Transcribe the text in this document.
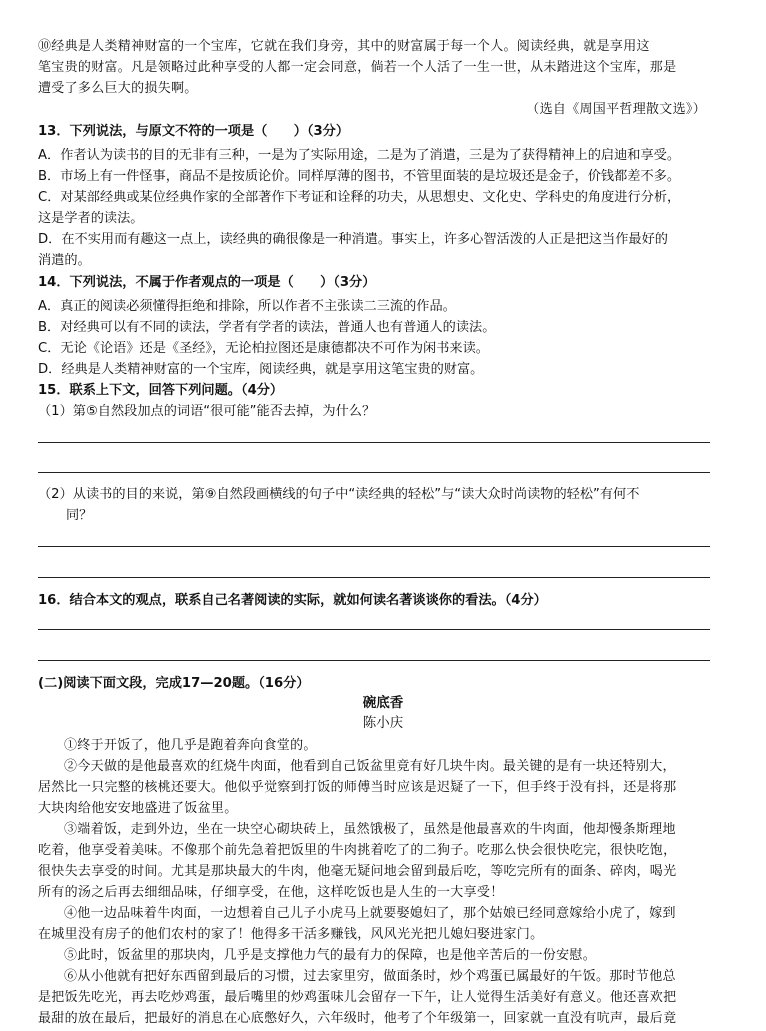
⑩经典是人类精神财富的一个宝库，它就在我们身旁，其中的财富属于每一个人。阅读经典，就是享用这
笔宝贵的财富。凡是领略过此种享受的人都一定会同意，倘若一个人活了一生一世，从未踏进这个宝库，那是
遭受了多么巨大的损失啊。
（选自《周国平哲理散文选》）
13．下列说法，与原文不符的一项是（　　）（3分）
A．作者认为读书的目的无非有三种，一是为了实际用途，二是为了消遣，三是为了获得精神上的启迪和享受。
B．市场上有一件怪事，商品不是按质论价。同样厚薄的图书，不管里面装的是垃圾还是金子，价钱都差不多。
C．对某部经典或某位经典作家的全部著作下考证和诠释的功夫，从思想史、文化史、学科史的角度进行分析，
这是学者的读法。
D．在不实用而有趣这一点上，读经典的确很像是一种消遣。事实上，许多心智活泼的人正是把这当作最好的
消遣的。
14．下列说法，不属于作者观点的一项是（　　）（3分）
A．真正的阅读必须懂得拒绝和排除，所以作者不主张读二三流的作品。
B．对经典可以有不同的读法，学者有学者的读法，普通人也有普通人的读法。
C．无论《论语》还是《圣经》，无论柏拉图还是康德都决不可作为闲书来读。
D．经典是人类精神财富的一个宝库，阅读经典，就是享用这笔宝贵的财富。
15．联系上下文，回答下列问题。（4分）
（1）第⑤自然段加点的词语“很可能”能否去掉，为什么？
（2）从读书的目的来说，第⑨自然段画横线的句子中“读经典的轻松”与“读大众时尚读物的轻松”有何不
同？
16．结合本文的观点，联系自己名著阅读的实际，就如何读名著谈谈你的看法。（4分）
(二)阅读下面文段，完成17—20题。（16分）
碗底香
陈小庆
①终于开饭了，他几乎是跑着奔向食堂的。
②今天做的是他最喜欢的红烧牛肉面，他看到自己饭盆里竟有好几块牛肉。最关键的是有一块还特别大，
居然比一只完整的核桃还要大。他似乎觉察到打饭的师傅当时应该是迟疑了一下，但手终于没有抖，还是将那
大块肉给他安安地盛进了饭盆里。
③端着饭，走到外边，坐在一块空心砌块砖上，虽然饿极了，虽然是他最喜欢的牛肉面，他却慢条斯理地
吃着，他享受着美味。不像那个前先急着把饭里的牛肉挑着吃了的二狗子。吃那么快会很快吃完，很快吃饱，
很快失去享受的时间。尤其是那块最大的牛肉，他毫无疑问地会留到最后吃，等吃完所有的面条、碎肉，喝光
所有的汤之后再去细细品味，仔细享受，在他，这样吃饭也是人生的一大享受！
④他一边品味着牛肉面，一边想着自己儿子小虎马上就要娶媳妇了，那个姑娘已经同意嫁给小虎了，嫁到
在城里没有房子的他们农村的家了！他得多干活多赚钱，风风光光把儿媳妇娶进家门。
⑤此时，饭盆里的那块肉，几乎是支撑他力气的最有力的保障，也是他辛苦后的一份安慰。
⑥从小他就有把好东西留到最后的习惯，过去家里穷，做面条时，炒个鸡蛋已属最好的午饭。那时节他总
是把饭先吃光，再去吃炒鸡蛋，最后嘴里的炒鸡蛋味儿会留存一下午，让人觉得生活美好有意义。他还喜欢把
最甜的放在最后，把最好的消息在心底憋好久，六年级时，他考了个年级第一，回家就一直没有吭声，最后竟
